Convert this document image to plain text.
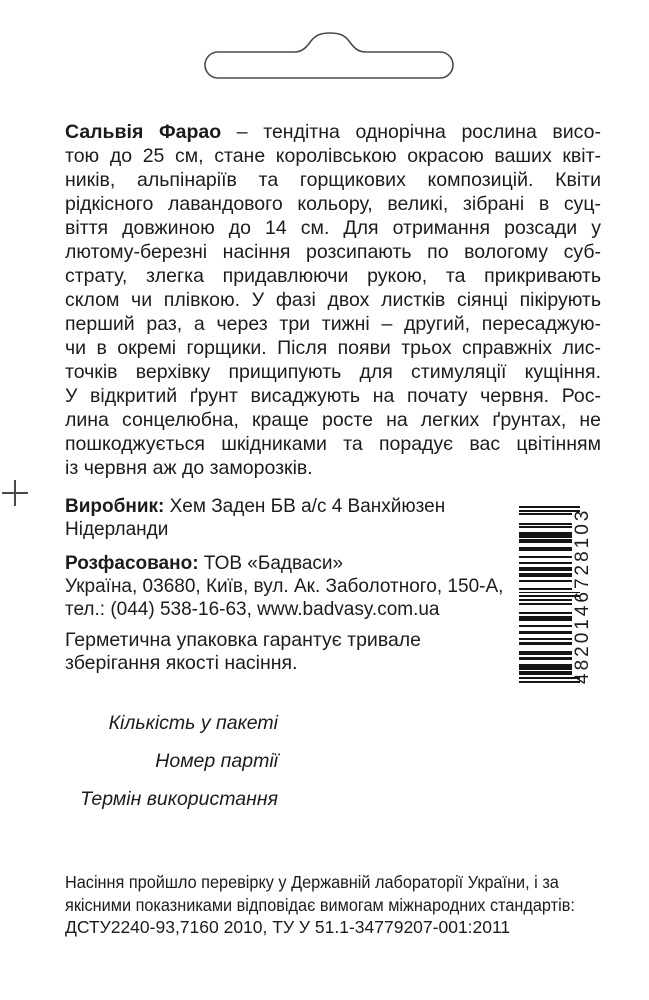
Сальвія Фарао – тендітна однорічна рослина висо-
тою до 25 см, стане королівською окрасою ваших квіт-
ників, альпінаріїв та горщикових композицій. Квіти
рідкісного лавандового кольору, великі, зібрані в суц-
віття довжиною до 14 см. Для отримання розсади у
лютому-березні насіння розсипають по вологому суб-
страту, злегка придавлюючи рукою, та прикривають
склом чи плівкою. У фазі двох листків сіянці пікірують
перший раз, а через три тижні – другий, пересаджую-
чи в окремі горщики. Після появи трьох справжніх лис-
точків верхівку прищипують для стимуляції кущіння.
У відкритий ґрунт висаджують на почату червня. Рос-
лина сонцелюбна, краще росте на легких ґрунтах, не
пошкоджується шкідниками та порадує вас цвітінням
із червня аж до заморозків.
Виробник: Хем Заден БВ а/с 4 Ванхйюзен
Нідерланди
Розфасовано: ТОВ «Бадваси»
Україна, 03680, Київ, вул. Ак. Заболотного, 150-А,
тел.: (044) 538-16-63, www.badvasy.com.ua
Герметична упаковка гарантує тривале
зберігання якості насіння.
Кількість у пакеті
Номер партії
Термін використання
Насіння пройшло перевірку у Державній лабораторії України, і за
якісними показниками відповідає вимогам міжнародних стандартів:
ДСТУ2240-93,7160 2010, ТУ У 51.1-34779207-001:2011
4820146728103
